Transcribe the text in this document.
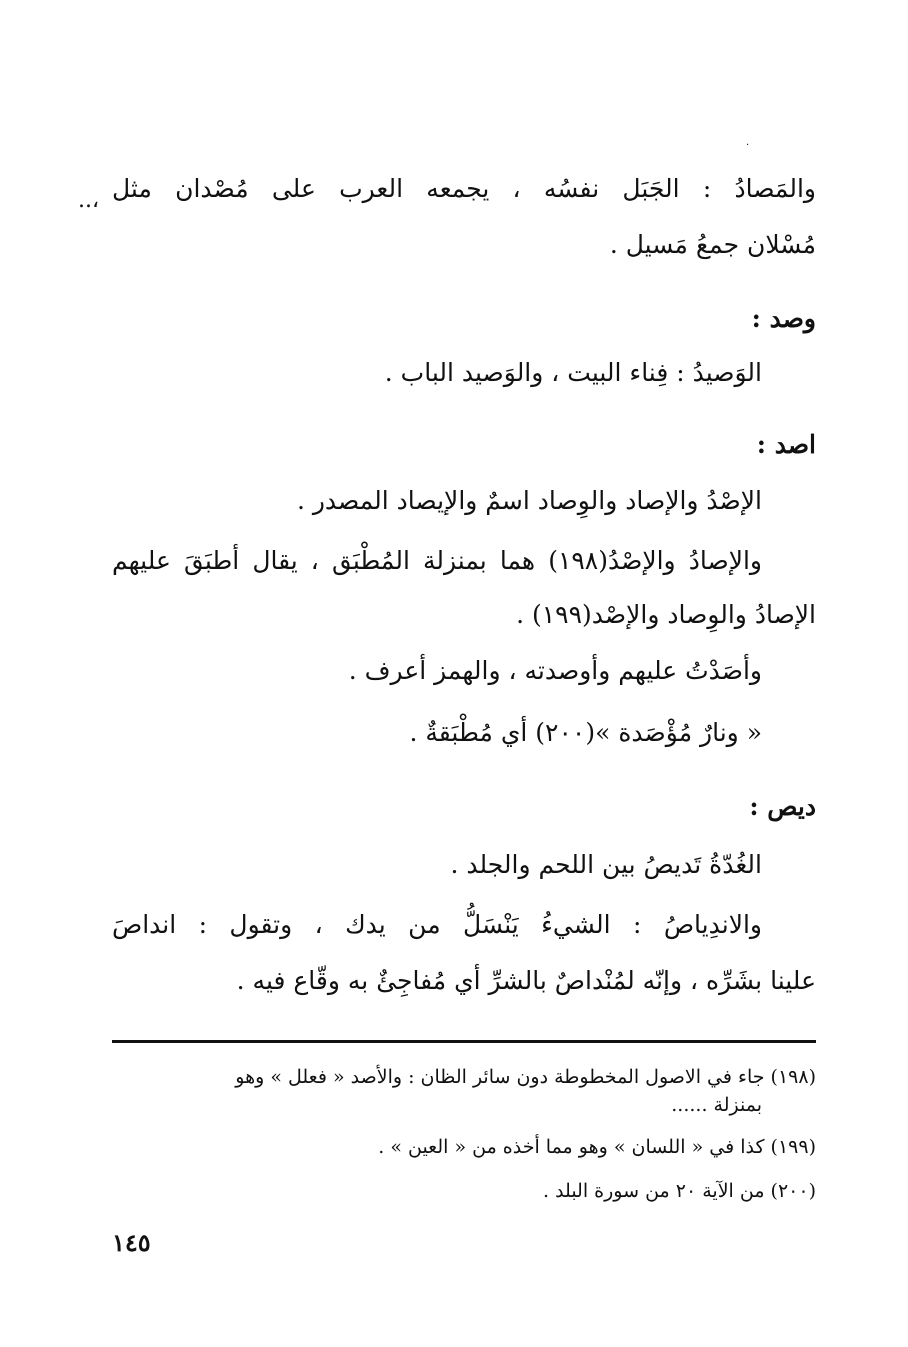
·
والمَصادُ : الجَبَل نفسُه ، يجمعه العرب على مُصْدان مثل
..،
مُسْلان جمعُ مَسيل .
وصد :
الوَصيدُ : فِناء البيت ، والوَصيد الباب .
اصد :
الإصْدُ والإصاد والوِصاد اسمٌ والإيصاد المصدر .
والإصادُ والإصْدُ(١٩٨) هما بمنزلة المُطْبَق ، يقال أطبَقَ عليهم
الإصادُ والوِصاد والإصْد(١٩٩) .
وأصَدْتُ عليهم وأوصدته ، والهمز أعرف .
« ونارٌ مُؤْصَدة »(٢٠٠) أي مُطْبَقةٌ .
ديص :
الغُدّةُ تَديصُ بين اللحم والجلد .
والاندِياصُ : الشيءُ يَنْسَلُّ من يدك ، وتقول : انداصَ
علينا بشَرِّه ، وإنّه لمُنْداصٌ بالشرِّ أي مُفاجِئٌ به وقّاع فيه .
(١٩٨) جاء في الاصول المخطوطة دون سائر الظان : والأصد « فعلل » وهو
بمنزلة ......
(١٩٩) كذا في « اللسان » وهو مما أخذه من « العين » .
(٢٠٠) من الآية ٢٠ من سورة البلد .
١٤٥
